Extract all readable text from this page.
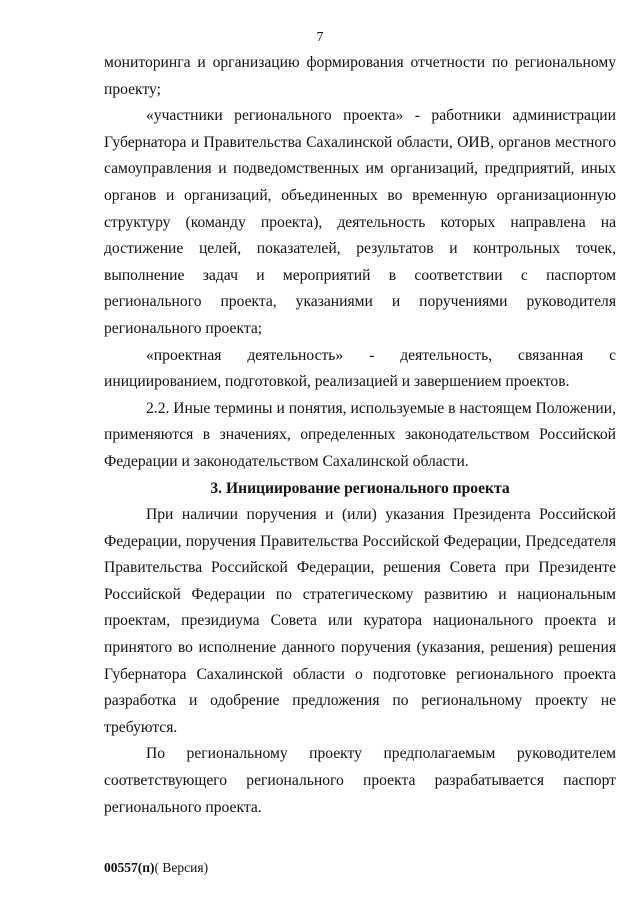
7

мониторинга и организацию формирования отчетности по региональному проекту;

«участники регионального проекта» - работники администрации Губернатора и Правительства Сахалинской области, ОИВ, органов местного самоуправления и подведомственных им организаций, предприятий, иных органов и организаций, объединенных во временную организационную структуру (команду проекта), деятельность которых направлена на достижение целей, показателей, результатов и контрольных точек, выполнение задач и мероприятий в соответствии с паспортом регионального проекта, указаниями и поручениями руководителя регионального проекта;

«проектная деятельность» - деятельность, связанная с инициированием, подготовкой, реализацией и завершением проектов.

2.2. Иные термины и понятия, используемые в настоящем Положении, применяются в значениях, определенных законодательством Российской Федерации и законодательством Сахалинской области.

3. Инициирование регионального проекта

При наличии поручения и (или) указания Президента Российской Федерации, поручения Правительства Российской Федерации, Председателя Правительства Российской Федерации, решения Совета при Президенте Российской Федерации по стратегическому развитию и национальным проектам, президиума Совета или куратора национального проекта и принятого во исполнение данного поручения (указания, решения) решения Губернатора Сахалинской области о подготовке регионального проекта разработка и одобрение предложения по региональному проекту не требуются.

По региональному проекту предполагаемым руководителем соответствующего регионального проекта разрабатывается паспорт регионального проекта.

00557(п)( Версия)
